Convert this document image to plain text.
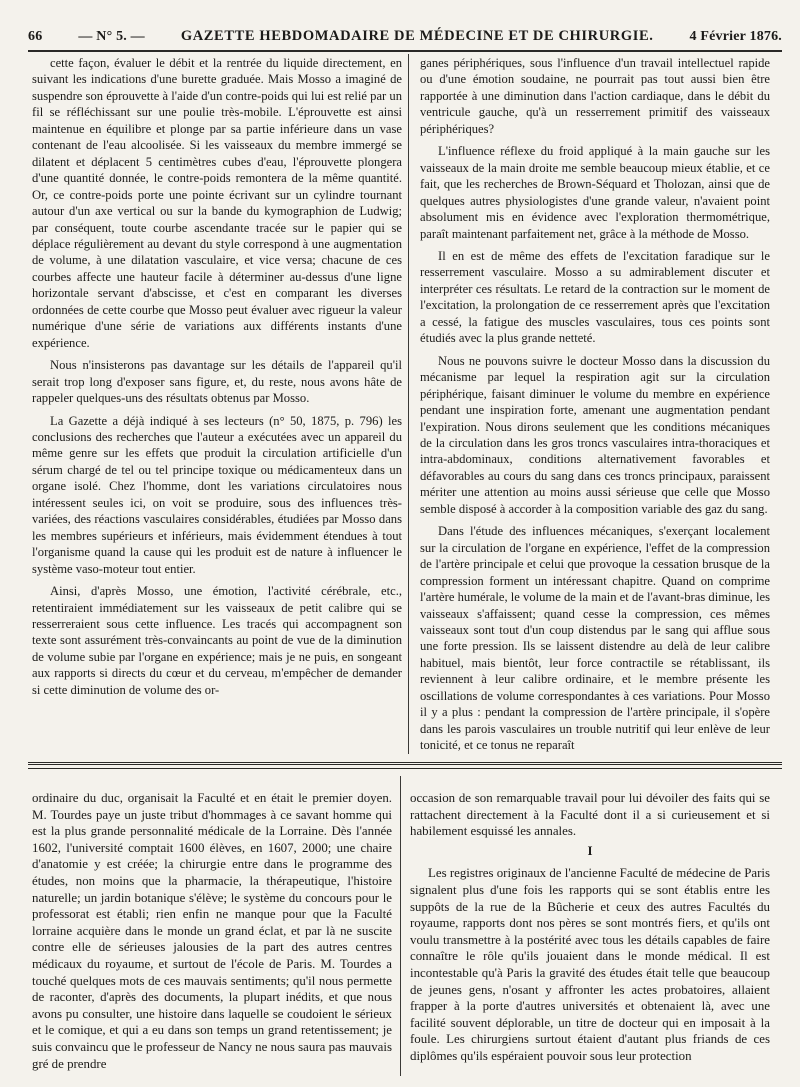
66	— N° 5. — GAZETTE HEBDOMADAIRE DE MÉDECINE ET DE CHIRURGIE.	4 Février 1876.

cette façon, évaluer le débit et la rentrée du liquide directement, en suivant les indications d'une burette graduée. Mais Mosso a imaginé de suspendre son éprouvette à l'aide d'un contre-poids qui lui est relié par un fil se réfléchissant sur une poulie très-mobile. L'éprouvette est ainsi maintenue en équilibre et plonge par sa partie inférieure dans un vase contenant de l'eau alcoolisée. Si les vaisseaux du membre immergé se dilatent et déplacent 5 centimètres cubes d'eau, l'éprouvette plongera d'une quantité donnée, le contre-poids remontera de la même quantité. Or, ce contre-poids porte une pointe écrivant sur un cylindre tournant autour d'un axe vertical ou sur la bande du kymographion de Ludwig; par conséquent, toute courbe ascendante tracée sur le papier qui se déplace régulièrement au devant du style correspond à une augmentation de volume, à une dilatation vasculaire, et vice versa; chacune de ces courbes affecte une hauteur facile à déterminer au-dessus d'une ligne horizontale servant d'abscisse, et c'est en comparant les diverses ordonnées de cette courbe que Mosso peut évaluer avec rigueur la valeur numérique d'une série de variations aux différents instants d'une expérience.

Nous n'insisterons pas davantage sur les détails de l'appareil qu'il serait trop long d'exposer sans figure, et, du reste, nous avons hâte de rappeler quelques-uns des résultats obtenus par Mosso.

La Gazette a déjà indiqué à ses lecteurs (n° 50, 1875, p. 796) les conclusions des recherches que l'auteur a exécutées avec un appareil du même genre sur les effets que produit la circulation artificielle d'un sérum chargé de tel ou tel principe toxique ou médicamenteux dans un organe isolé. Chez l'homme, dont les variations circulatoires nous intéressent seules ici, on voit se produire, sous des influences très-variées, des réactions vasculaires considérables, étudiées par Mosso dans les membres supérieurs et inférieurs, mais évidemment étendues à tout l'organisme quand la cause qui les produit est de nature à influencer le système vaso-moteur tout entier.

Ainsi, d'après Mosso, une émotion, l'activité cérébrale, etc., retentiraient immédiatement sur les vaisseaux de petit calibre qui se resserreraient sous cette influence. Les tracés qui accompagnent son texte sont assurément très-convaincants au point de vue de la diminution de volume subie par l'organe en expérience; mais je ne puis, en songeant aux rapports si directs du cœur et du cerveau, m'empêcher de demander si cette diminution de volume des or-

ganes périphériques, sous l'influence d'un travail intellectuel rapide ou d'une émotion soudaine, ne pourrait pas tout aussi bien être rapportée à une diminution dans l'action cardiaque, dans le débit du ventricule gauche, qu'à un resserrement primitif des vaisseaux périphériques?

L'influence réflexe du froid appliqué à la main gauche sur les vaisseaux de la main droite me semble beaucoup mieux établie, et ce fait, que les recherches de Brown-Séquard et Tholozan, ainsi que de quelques autres physiologistes d'une grande valeur, n'avaient point absolument mis en évidence avec l'exploration thermométrique, paraît maintenant parfaitement net, grâce à la méthode de Mosso.

Il en est de même des effets de l'excitation faradique sur le resserrement vasculaire. Mosso a su admirablement discuter et interpréter ces résultats. Le retard de la contraction sur le moment de l'excitation, la prolongation de ce resserrement après que l'excitation a cessé, la fatigue des muscles vasculaires, tous ces points sont étudiés avec la plus grande netteté.

Nous ne pouvons suivre le docteur Mosso dans la discussion du mécanisme par lequel la respiration agit sur la circulation périphérique, faisant diminuer le volume du membre en expérience pendant une inspiration forte, amenant une augmentation pendant l'expiration. Nous dirons seulement que les conditions mécaniques de la circulation dans les gros troncs vasculaires intra-thoraciques et intra-abdominaux, conditions alternativement favorables et défavorables au cours du sang dans ces troncs principaux, paraissent mériter une attention au moins aussi sérieuse que celle que Mosso semble disposé à accorder à la composition variable des gaz du sang.

Dans l'étude des influences mécaniques, s'exerçant localement sur la circulation de l'organe en expérience, l'effet de la compression de l'artère principale et celui que provoque la cessation brusque de la compression forment un intéressant chapitre. Quand on comprime l'artère humérale, le volume de la main et de l'avant-bras diminue, les vaisseaux s'affaissent; quand cesse la compression, ces mêmes vaisseaux sont tout d'un coup distendus par le sang qui afflue sous une forte pression. Ils se laissent distendre au delà de leur calibre habituel, mais bientôt, leur force contractile se rétablissant, ils reviennent à leur calibre ordinaire, et le membre présente les oscillations de volume correspondantes à ces variations. Pour Mosso il y a plus : pendant la compression de l'artère principale, il s'opère dans les parois vasculaires un trouble nutritif qui leur enlève de leur tonicité, et ce tonus ne reparaît

ordinaire du duc, organisait la Faculté et en était le premier doyen. M. Tourdes paye un juste tribut d'hommages à ce savant homme qui est la plus grande personnalité médicale de la Lorraine. Dès l'année 1602, l'université comptait 1600 élèves, en 1607, 2000; une chaire d'anatomie y est créée; la chirurgie entre dans le programme des études, non moins que la pharmacie, la thérapeutique, l'histoire naturelle; un jardin botanique s'élève; le système du concours pour le professorat est établi; rien enfin ne manque pour que la Faculté lorraine acquière dans le monde un grand éclat, et par là ne suscite contre elle de sérieuses jalousies de la part des autres centres médicaux du royaume, et surtout de l'école de Paris. M. Tourdes a touché quelques mots de ces mauvais sentiments; qu'il nous permette de raconter, d'après des documents, la plupart inédits, et que nous avons pu consulter, une histoire dans laquelle se coudoient le sérieux et le comique, et qui a eu dans son temps un grand retentissement; je suis convaincu que le professeur de Nancy ne nous saura pas mauvais gré de prendre

occasion de son remarquable travail pour lui dévoiler des faits qui se rattachent directement à la Faculté dont il a si curieusement et si habilement esquissé les annales.

I

Les registres originaux de l'ancienne Faculté de médecine de Paris signalent plus d'une fois les rapports qui se sont établis entre les suppôts de la rue de la Bûcherie et ceux des autres Facultés du royaume, rapports dont nos pères se sont montrés fiers, et qu'ils ont voulu transmettre à la postérité avec tous les détails capables de faire connaître le rôle qu'ils jouaient dans le monde médical. Il est incontestable qu'à Paris la gravité des études était telle que beaucoup de jeunes gens, n'osant y affronter les actes probatoires, allaient frapper à la porte d'autres universités et obtenaient là, avec une facilité souvent déplorable, un titre de docteur qui en imposait à la foule. Les chirurgiens surtout étaient d'autant plus friands de ces diplômes qu'ils espéraient pouvoir sous leur protection
